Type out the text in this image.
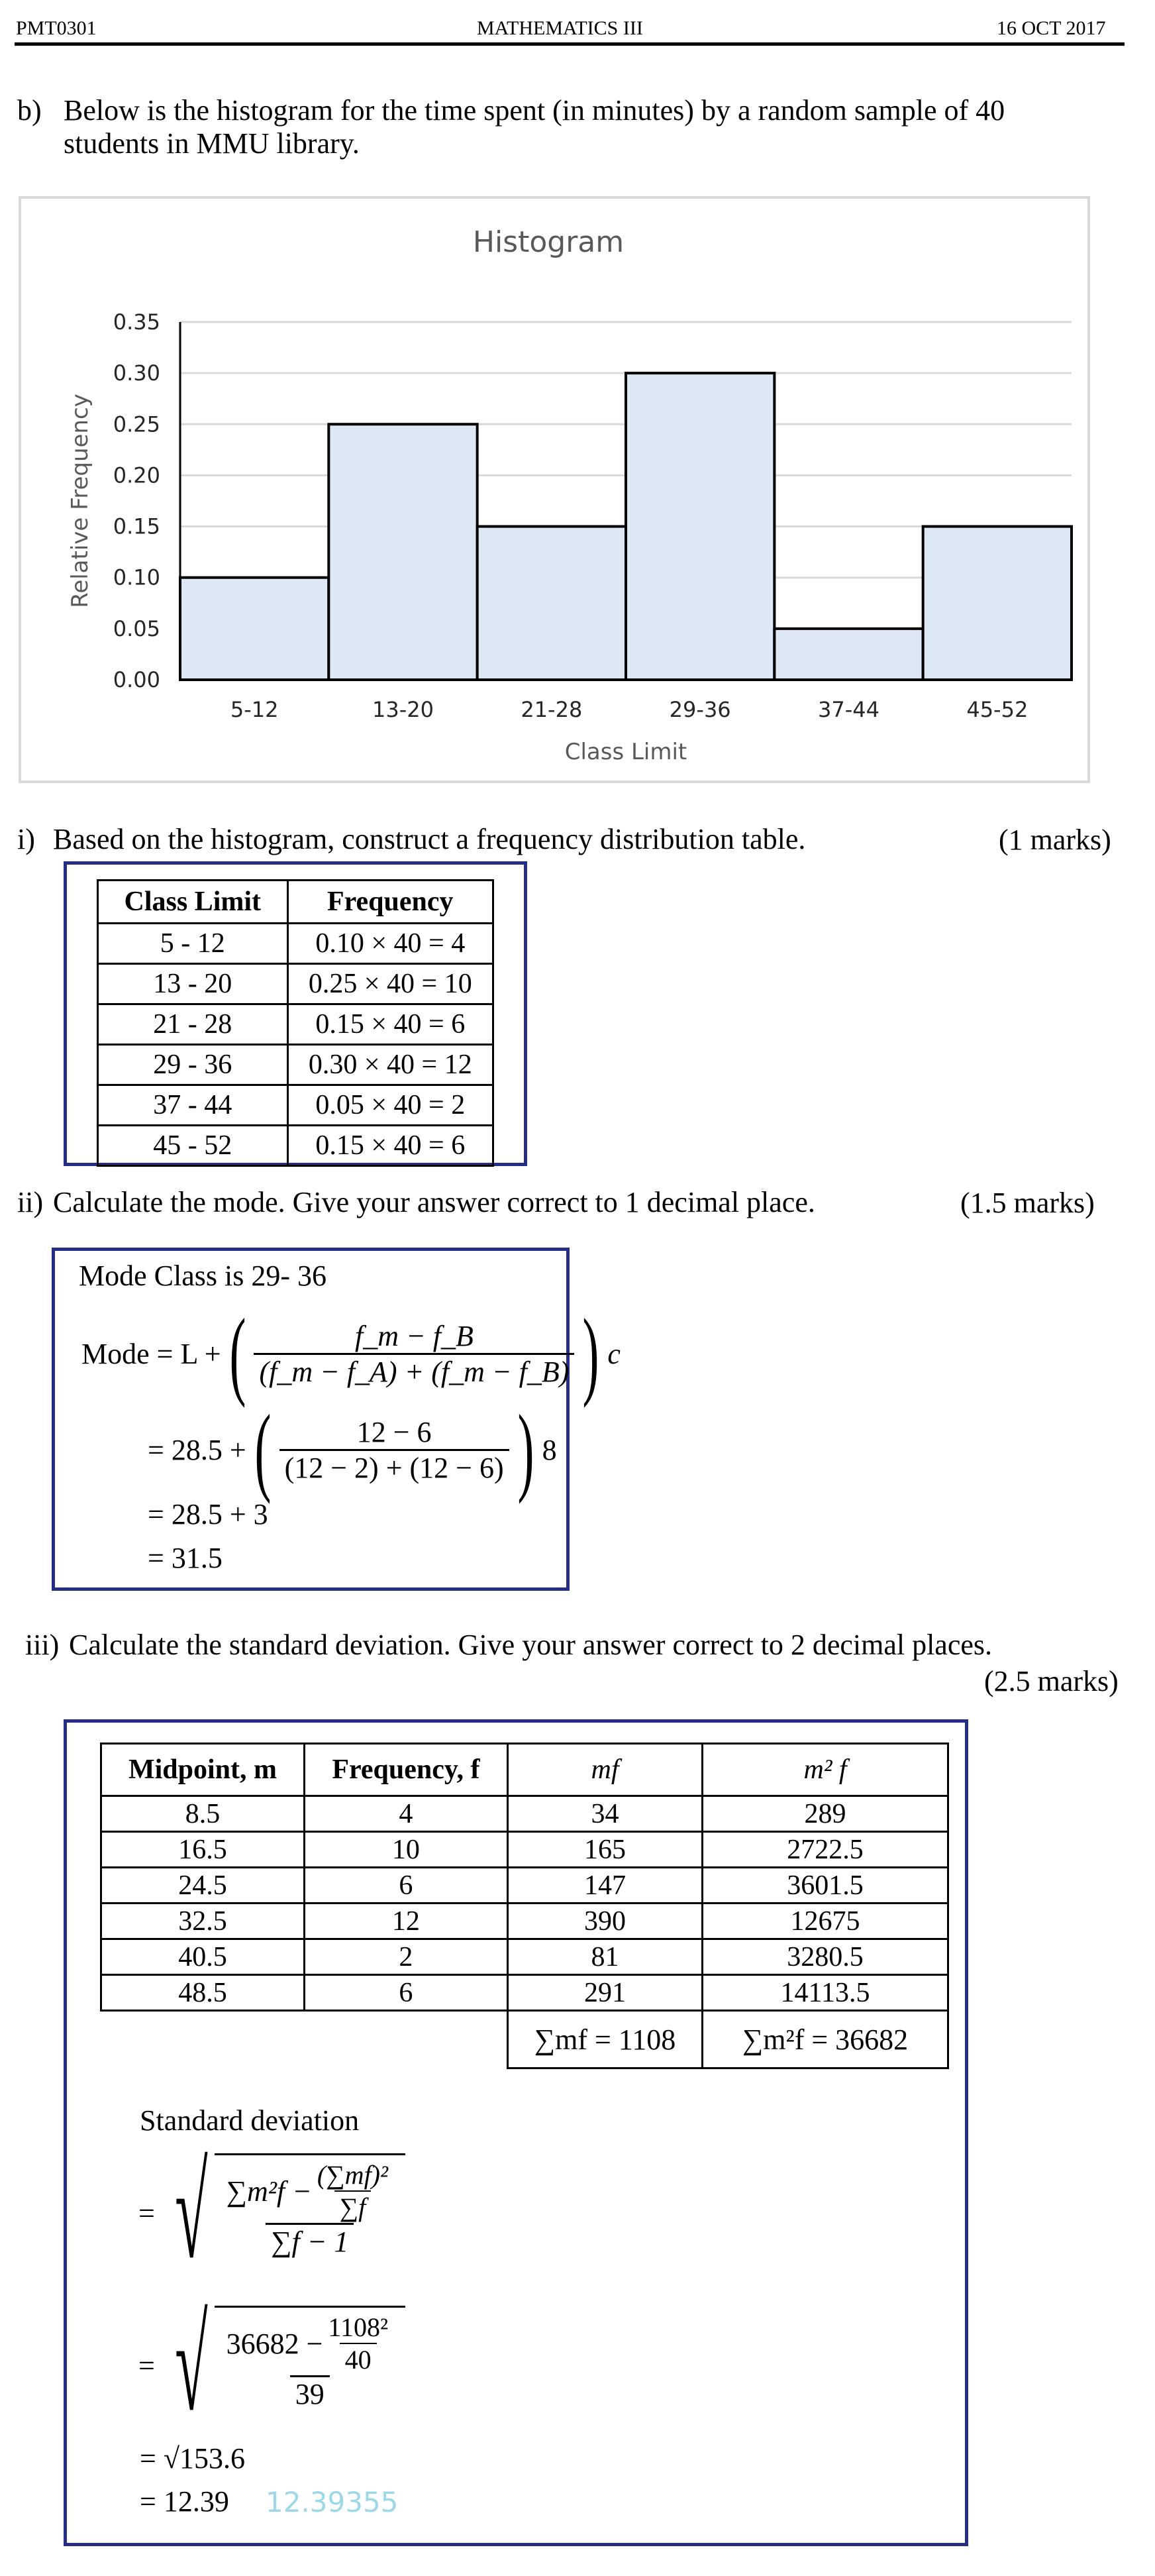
PMT0301	MATHEMATICS III	16 OCT 2017
b) Below is the histogram for the time spent (in minutes) by a random sample of 40
students in MMU library.
Histogram
0.00
0.05
0.10
0.15
0.20
0.25
0.30
0.35
5-12	13-20	21-28	29-36	37-44	45-52
Class Limit
Relative Frequency
i) Based on the histogram, construct a frequency distribution table.	(1 marks)
Class Limit	Frequency
5 - 12	0.10 × 40 = 4
13 - 20	0.25 × 40 = 10
21 - 28	0.15 × 40 = 6
29 - 36	0.30 × 40 = 12
37 - 44	0.05 × 40 = 2
45 - 52	0.15 × 40 = 6
ii) Calculate the mode. Give your answer correct to 1 decimal place.	(1.5 marks)
Mode Class is 29- 36
Mode = L + ( $\frac{f\_m - f\_B}{(f\_m - f\_A) + (f\_m - f\_B)}$ ) c
= 28.5 + ( $\frac{12 - 6}{(12 - 2) + (12 - 6)}$ ) 8
= 28.5 + 3
= 31.5
iii) Calculate the standard deviation. Give your answer correct to 2 decimal places.
(2.5 marks)
Midpoint, m	Frequency, f	mf	m² f
8.5	4	34	289
16.5	10	165	2722.5
24.5	6	147	3601.5
32.5	12	390	12675
40.5	2	81	3280.5
48.5	6	291	14113.5
		∑mf = 1108	∑m²f = 36682
Standard deviation
= √ $\frac{\sum m^2f - \frac{\text{(∑mf)²}}{\sum f}}{\sum f - 1}$
= √ $\frac{36682 - \frac{\text{1108²}}{40}}{39}$
= √153.6
= 12.39 12.39355
